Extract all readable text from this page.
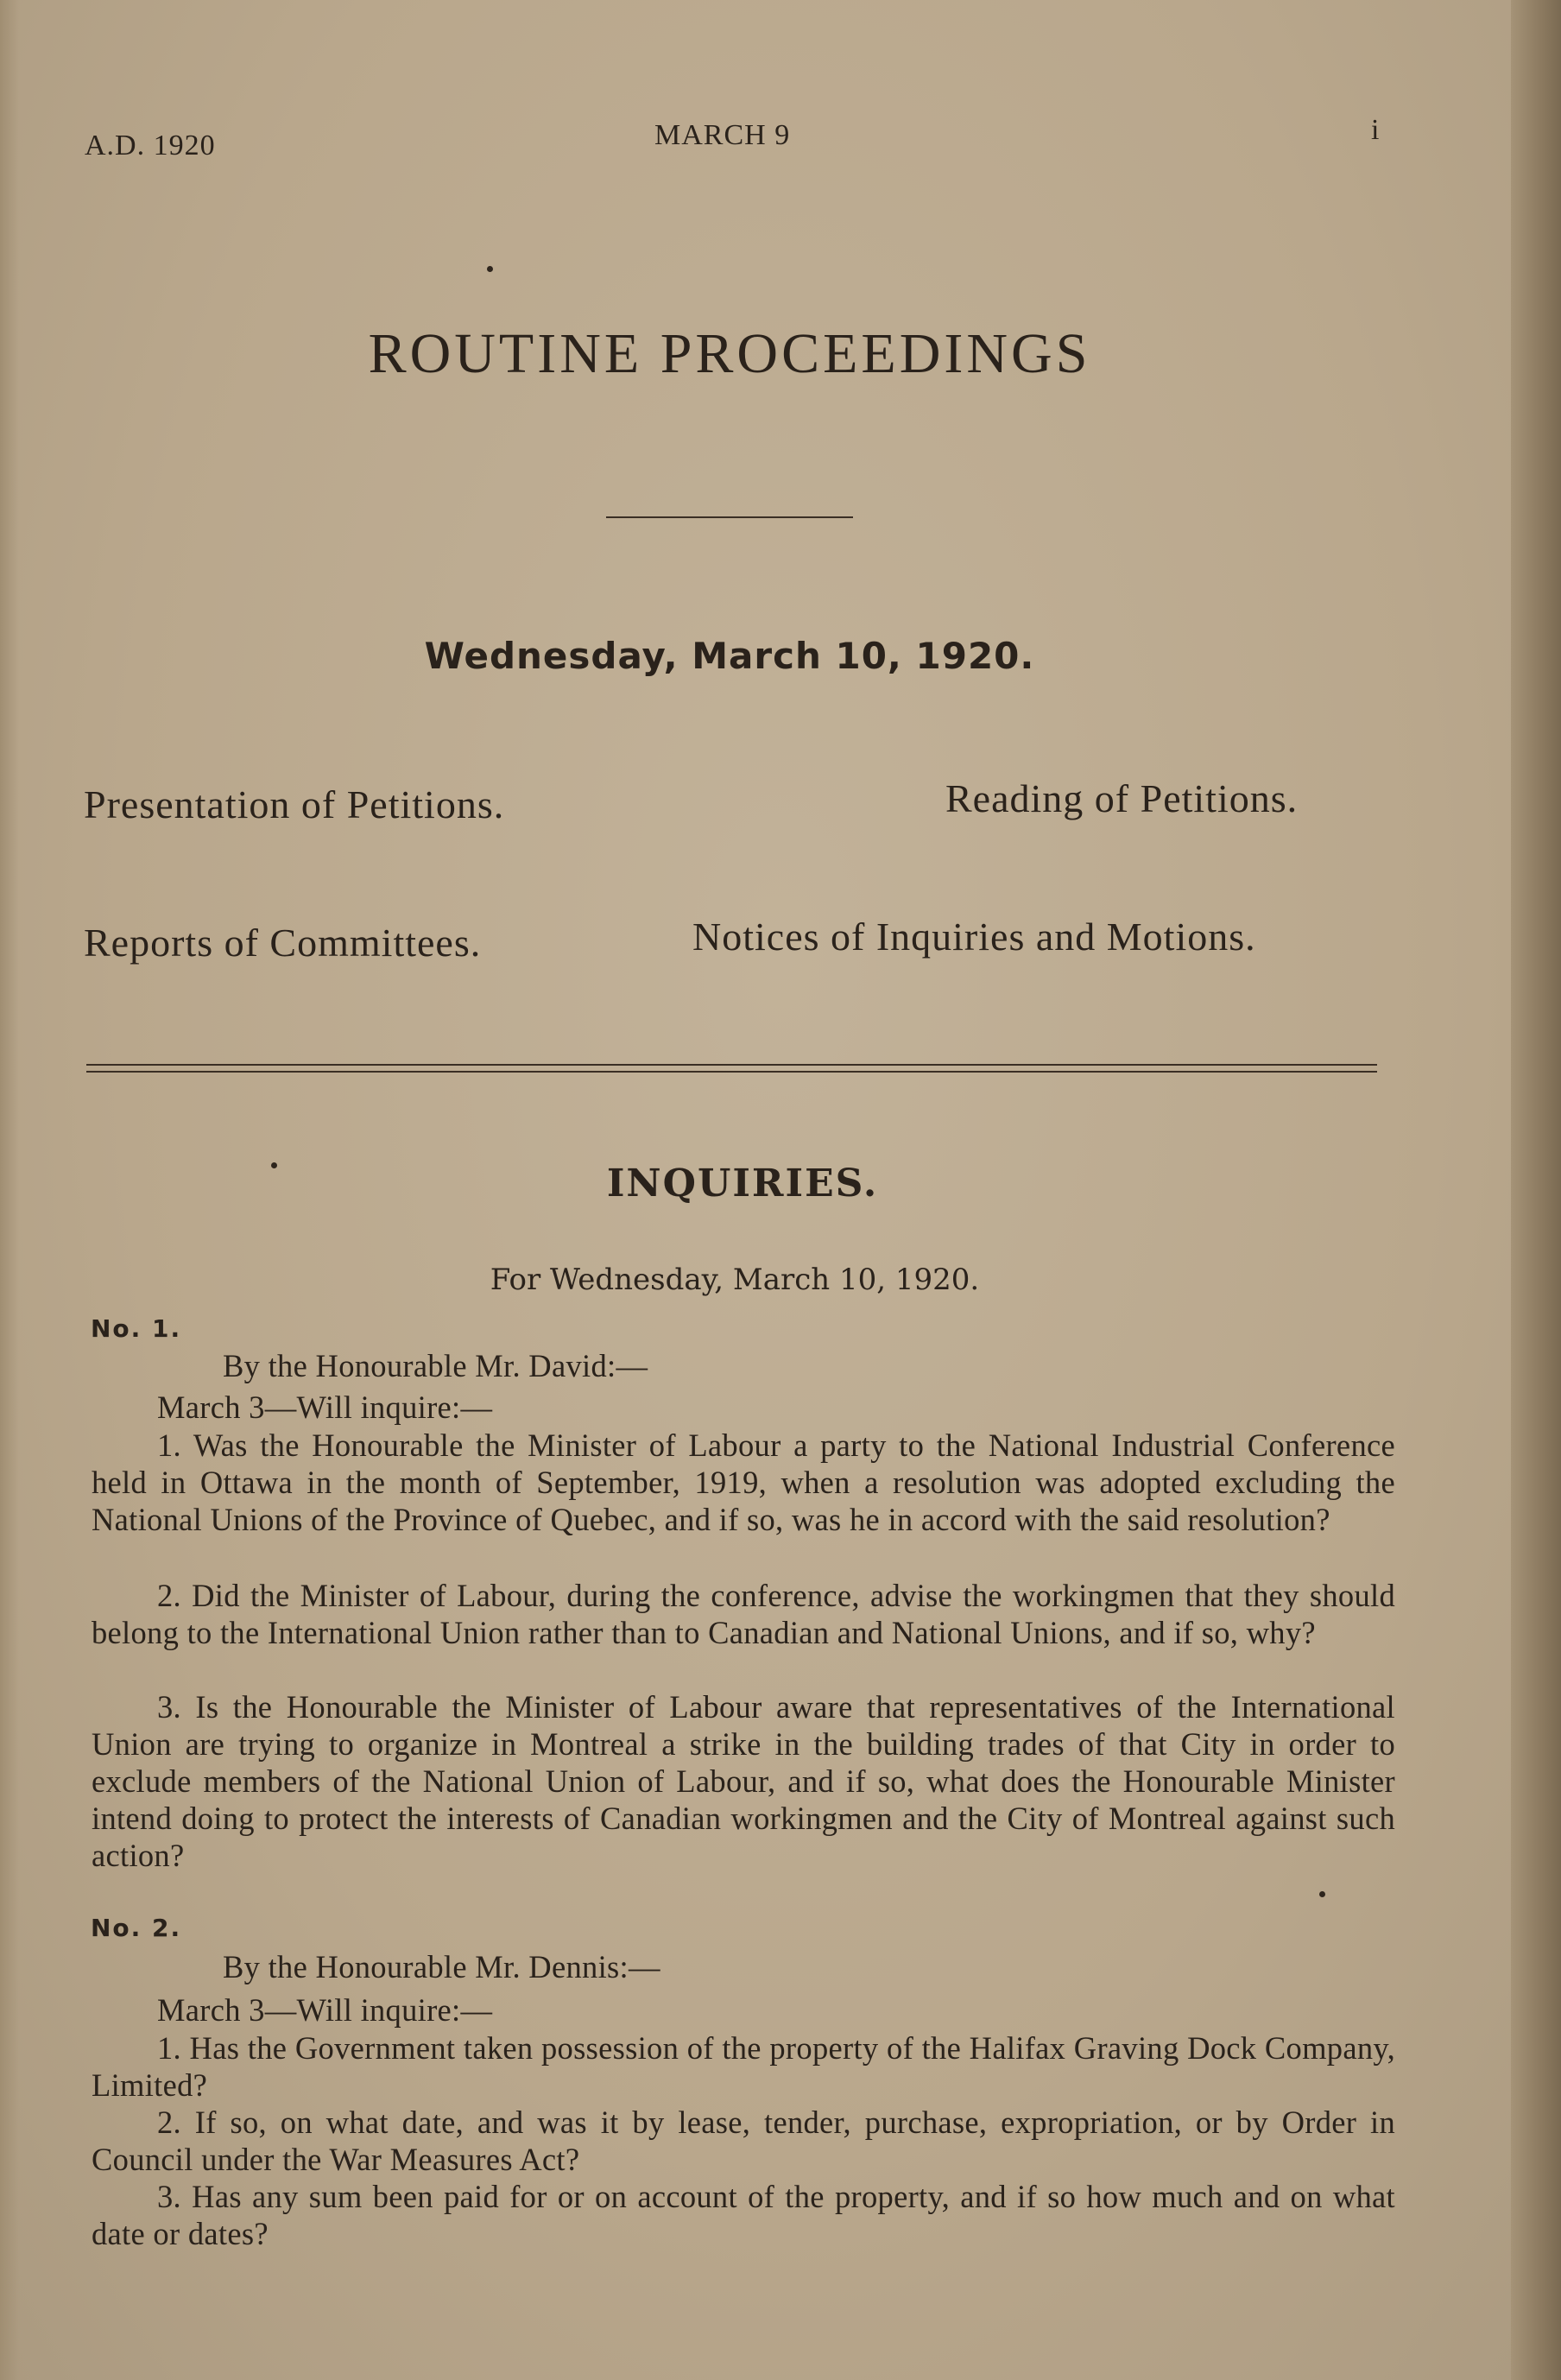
A.D. 1920	MARCH 9	i
ROUTINE PROCEEDINGS
Wednesday, March 10, 1920.
Presentation of Petitions.	Reading of Petitions.
Reports of Committees.	Notices of Inquiries and Motions.
INQUIRIES.
For Wednesday, March 10, 1920.
No. 1.
By the Honourable Mr. David:—
March 3—Will inquire:—
1. Was the Honourable the Minister of Labour a party to the National Industrial Conference held in Ottawa in the month of September, 1919, when a resolution was adopted excluding the National Unions of the Province of Quebec, and if so, was he in accord with the said resolution?
2. Did the Minister of Labour, during the conference, advise the workingmen that they should belong to the International Union rather than to Canadian and National Unions, and if so, why?
3. Is the Honourable the Minister of Labour aware that representatives of the International Union are trying to organize in Montreal a strike in the building trades of that City in order to exclude members of the National Union of Labour, and if so, what does the Honourable Minister intend doing to protect the interests of Canadian workingmen and the City of Montreal against such action?
No. 2.
By the Honourable Mr. Dennis:—
March 3—Will inquire:—
1. Has the Government taken possession of the property of the Halifax Graving Dock Company, Limited?
2. If so, on what date, and was it by lease, tender, purchase, expropriation, or by Order in Council under the War Measures Act?
3. Has any sum been paid for or on account of the property, and if so how much and on what date or dates?
